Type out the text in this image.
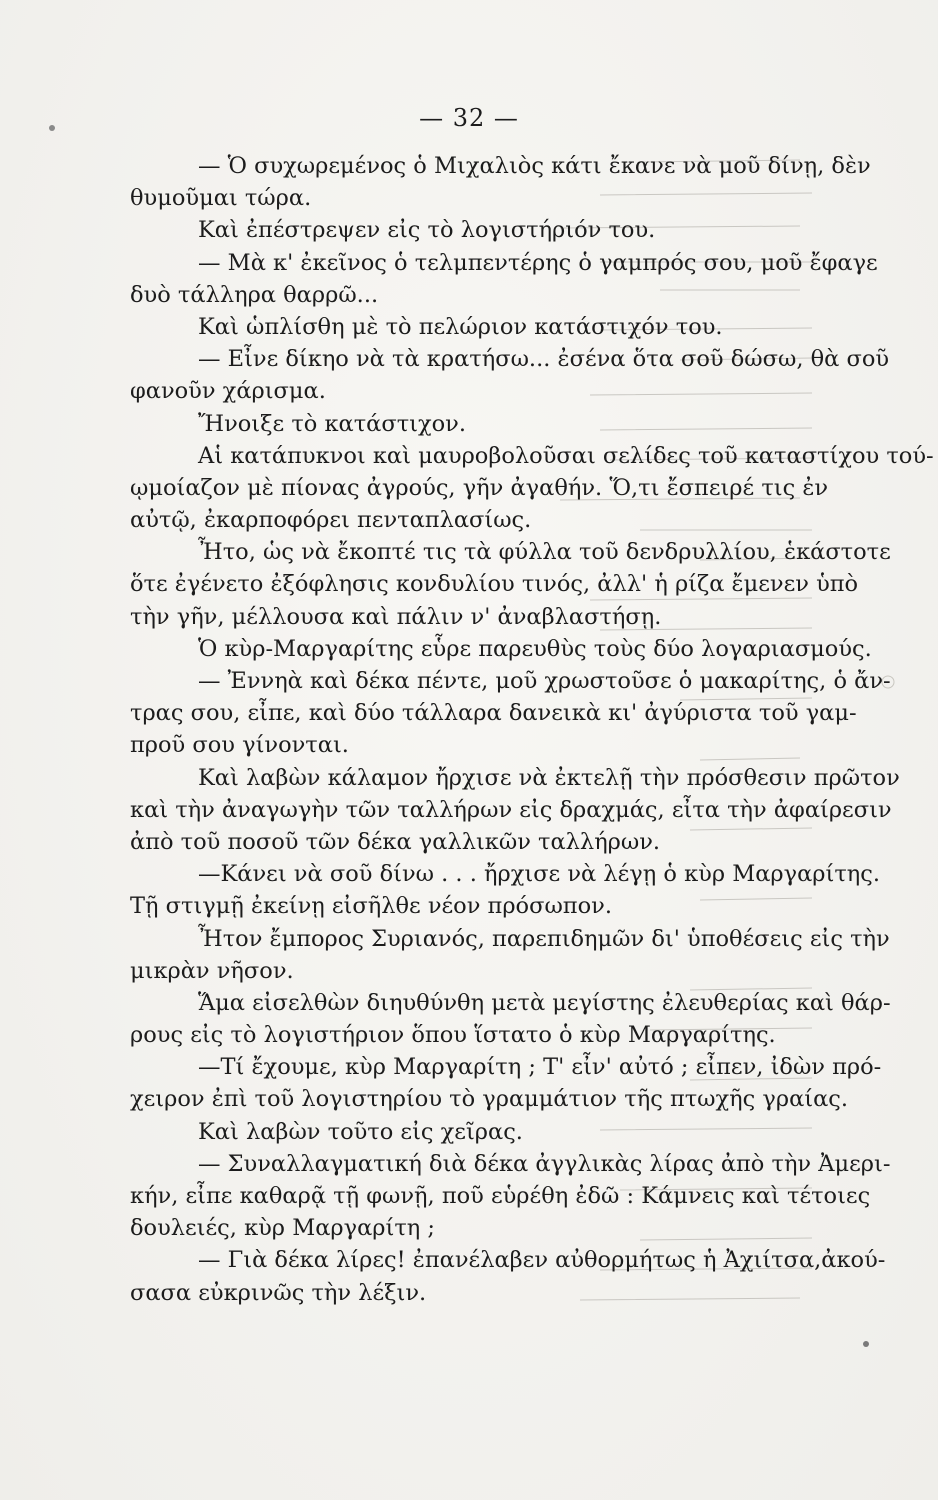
— 32 —
— Ὁ συχωρεμένος ὁ Μιχαλιὸς κάτι ἔκανε νὰ μοῦ δίνῃ, δὲν
θυμοῦμαι τώρα.
Καὶ ἐπέστρεψεν εἰς τὸ λογιστήριόν του.
— Μὰ κ' ἐκεῖνος ὁ τελμπεντέρης ὁ γαμπρός σου, μοῦ ἔφαγε
δυὸ τάλληρα θαρρῶ...
Καὶ ὡπλίσθη μὲ τὸ πελώριον κατάστιχόν του.
— Εἶνε δίκηο νὰ τὰ κρατήσω... ἐσένα ὅτα σοῦ δώσω, θὰ σοῦ
φανοῦν χάρισμα.
Ἤνοιξε τὸ κατάστιχον.
Αἱ κατάπυκνοι καὶ μαυροβολοῦσαι σελίδες τοῦ καταστίχου τού-
ῳμοίαζον μὲ πίονας ἀγρούς, γῆν ἀγαθήν. Ὅ,τι ἔσπειρέ τις ἐν
αὐτῷ, ἐκαρποφόρει πενταπλασίως.
Ἦτο, ὡς νὰ ἔκοπτέ τις τὰ φύλλα τοῦ δενδρυλλίου, ἑκάστοτε
ὅτε ἐγένετο ἐξόφλησις κονδυλίου τινός, ἀλλ' ἡ ρίζα ἔμενεν ὑπὸ
τὴν γῆν, μέλλουσα καὶ πάλιν ν' ἀναβλαστήσῃ.
Ὁ κὺρ-Μαργαρίτης εὗρε παρευθὺς τοὺς δύο λογαριασμούς.
— Ἐννηὰ καὶ δέκα πέντε, μοῦ χρωστοῦσε ὁ μακαρίτης, ὁ ἄν-
τρας σου, εἶπε, καὶ δύο τάλλαρα δανεικὰ κι' ἀγύριστα τοῦ γαμ-
προῦ σου γίνονται.
Καὶ λαβὼν κάλαμον ἤρχισε νὰ ἐκτελῇ τὴν πρόσθεσιν πρῶτον
καὶ τὴν ἀναγωγὴν τῶν ταλλήρων εἰς δραχμάς, εἶτα τὴν ἀφαίρεσιν
ἀπὸ τοῦ ποσοῦ τῶν δέκα γαλλικῶν ταλλήρων.
—Κάνει νὰ σοῦ δίνω . . . ἤρχισε νὰ λέγῃ ὁ κὺρ Μαργαρίτης.
Τῇ στιγμῇ ἐκείνῃ εἰσῆλθε νέον πρόσωπον.
Ἦτον ἔμπορος Συριανός, παρεπιδημῶν δι' ὑποθέσεις εἰς τὴν
μικρὰν νῆσον.
Ἅμα εἰσελθὼν διηυθύνθη μετὰ μεγίστης ἐλευθερίας καὶ θάρ-
ρους εἰς τὸ λογιστήριον ὅπου ἵστατο ὁ κὺρ Μαργαρίτης.
—Τί ἔχουμε, κὺρ Μαργαρίτη ; Τ' εἶν' αὐτό ; εἶπεν, ἰδὼν πρό-
χειρον ἐπὶ τοῦ λογιστηρίου τὸ γραμμάτιον τῆς πτωχῆς γραίας.
Καὶ λαβὼν τοῦτο εἰς χεῖρας.
— Συναλλαγματική διὰ δέκα ἀγγλικὰς λίρας ἀπὸ τὴν Ἀμερι-
κήν, εἶπε καθαρᾷ τῇ φωνῇ, ποῦ εὑρέθη ἐδῶ : Κάμνεις καὶ τέτοιες
δουλειές, κὺρ Μαργαρίτη ;
— Γιὰ δέκα λίρες! ἐπανέλαβεν αὐθορμήτως ἡ Ἀχιίτσα,ἀκού-
σασα εὐκρινῶς τὴν λέξιν.
